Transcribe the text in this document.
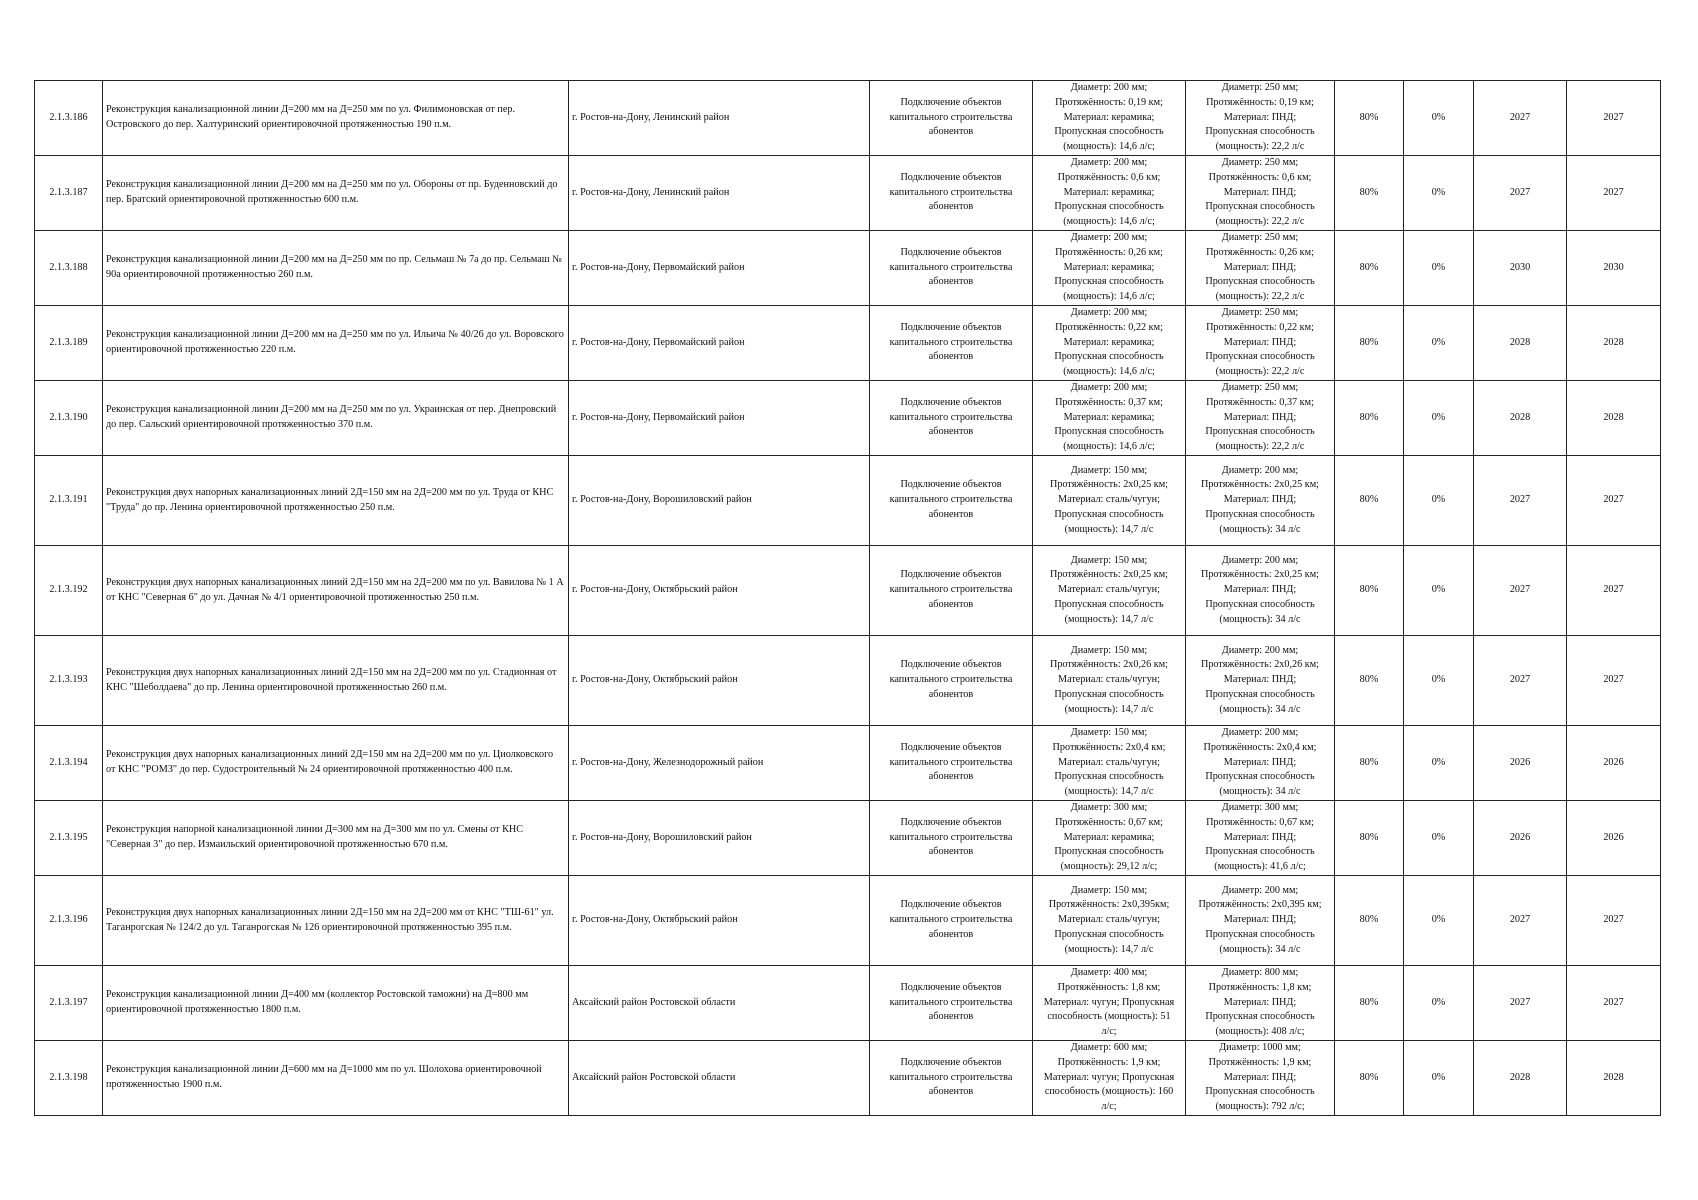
2.1.3.186	Реконструкция канализационной линии Д=200 мм на Д=250 мм по ул. Филимоновская от пер. Островского до пер. Халтуринский ориентировочной протяженностью 190 п.м.	г. Ростов-на-Дону, Ленинский район	Подключение объектов капитального строительства абонентов	Диаметр: 200 мм;
Протяжённость: 0,19 км;
Материал: керамика;
Пропускная способность
(мощность): 14,6 л/с;	Диаметр: 250 мм;
Протяжённость: 0,19 км;
Материал: ПНД;
Пропускная способность
(мощность): 22,2 л/с	80%	0%	2027	2027
2.1.3.187	Реконструкция канализационной линии Д=200 мм на Д=250 мм по ул. Обороны от пр. Буденновский до пер. Братский ориентировочной протяженностью 600 п.м.	г. Ростов-на-Дону, Ленинский район	Подключение объектов капитального строительства абонентов	Диаметр: 200 мм;
Протяжённость: 0,6 км;
Материал: керамика;
Пропускная способность
(мощность): 14,6 л/с;	Диаметр: 250 мм;
Протяжённость: 0,6 км;
Материал: ПНД;
Пропускная способность
(мощность): 22,2 л/с	80%	0%	2027	2027
2.1.3.188	Реконструкция канализационной линии Д=200 мм на Д=250 мм по пр. Сельмаш № 7а до пр. Сельмаш № 90а ориентировочной протяженностью 260 п.м.	г. Ростов-на-Дону, Первомайский район	Подключение объектов капитального строительства абонентов	Диаметр: 200 мм;
Протяжённость: 0,26 км;
Материал: керамика;
Пропускная способность
(мощность): 14,6 л/с;	Диаметр: 250 мм;
Протяжённость: 0,26 км;
Материал: ПНД;
Пропускная способность
(мощность): 22,2 л/с	80%	0%	2030	2030
2.1.3.189	Реконструкция канализационной линии Д=200 мм на Д=250 мм по ул. Ильича № 40/26 до ул. Воровского ориентировочной протяженностью 220 п.м.	г. Ростов-на-Дону, Первомайский район	Подключение объектов капитального строительства абонентов	Диаметр: 200 мм;
Протяжённость: 0,22 км;
Материал: керамика;
Пропускная способность
(мощность): 14,6 л/с;	Диаметр: 250 мм;
Протяжённость: 0,22 км;
Материал: ПНД;
Пропускная способность
(мощность): 22,2 л/с	80%	0%	2028	2028
2.1.3.190	Реконструкция канализационной линии Д=200 мм на Д=250 мм по ул. Украинская от пер. Днепровский до пер. Сальский ориентировочной протяженностью 370 п.м.	г. Ростов-на-Дону, Первомайский район	Подключение объектов капитального строительства абонентов	Диаметр: 200 мм;
Протяжённость: 0,37 км;
Материал: керамика;
Пропускная способность
(мощность): 14,6 л/с;	Диаметр: 250 мм;
Протяжённость: 0,37 км;
Материал: ПНД;
Пропускная способность
(мощность): 22,2 л/с	80%	0%	2028	2028
2.1.3.191	Реконструкция двух напорных канализационных линий 2Д=150 мм на 2Д=200 мм по ул. Труда от КНС "Труда" до пр. Ленина ориентировочной протяженностью 250 п.м.	г. Ростов-на-Дону, Ворошиловский район	Подключение объектов капитального строительства абонентов	Диаметр: 150 мм;
Протяжённость: 2х0,25 км;
Материал: сталь/чугун;
Пропускная способность
(мощность): 14,7 л/с	Диаметр: 200 мм;
Протяжённость: 2х0,25 км;
Материал: ПНД;
Пропускная способность
(мощность): 34 л/с	80%	0%	2027	2027
2.1.3.192	Реконструкция двух напорных канализационных линий 2Д=150 мм на 2Д=200 мм по ул. Вавилова № 1 А от КНС "Северная 6" до ул. Дачная № 4/1 ориентировочной протяженностью 250 п.м.	г. Ростов-на-Дону, Октябрьский район	Подключение объектов капитального строительства абонентов	Диаметр: 150 мм;
Протяжённость: 2х0,25 км;
Материал: сталь/чугун;
Пропускная способность
(мощность): 14,7 л/с	Диаметр: 200 мм;
Протяжённость: 2х0,25 км;
Материал: ПНД;
Пропускная способность
(мощность): 34 л/с	80%	0%	2027	2027
2.1.3.193	Реконструкция двух напорных канализационных линий 2Д=150 мм на 2Д=200 мм по ул. Стадионная от КНС "Шеболдаева" до пр. Ленина ориентировочной протяженностью 260 п.м.	г. Ростов-на-Дону, Октябрьский район	Подключение объектов капитального строительства абонентов	Диаметр: 150 мм;
Протяжённость: 2х0,26 км;
Материал: сталь/чугун;
Пропускная способность
(мощность): 14,7 л/с	Диаметр: 200 мм;
Протяжённость: 2х0,26 км;
Материал: ПНД;
Пропускная способность
(мощность): 34 л/с	80%	0%	2027	2027
2.1.3.194	Реконструкция двух напорных канализационных линий 2Д=150 мм на 2Д=200 мм по ул. Циолковского от КНС "РОМЗ" до пер. Судостроительный № 24 ориентировочной протяженностью 400 п.м.	г. Ростов-на-Дону, Железнодорожный район	Подключение объектов капитального строительства абонентов	Диаметр: 150 мм;
Протяжённость: 2х0,4 км;
Материал: сталь/чугун;
Пропускная способность
(мощность): 14,7 л/с	Диаметр: 200 мм;
Протяжённость: 2х0,4 км;
Материал: ПНД;
Пропускная способность
(мощность): 34 л/с	80%	0%	2026	2026
2.1.3.195	Реконструкция напорной канализационной линии Д=300 мм на Д=300 мм по ул. Смены от КНС "Северная 3" до пер. Измаильский ориентировочной протяженностью 670 п.м.	г. Ростов-на-Дону, Ворошиловский район	Подключение объектов капитального строительства абонентов	Диаметр: 300 мм;
Протяжённость: 0,67 км;
Материал: керамика;
Пропускная способность
(мощность): 29,12 л/с;	Диаметр: 300 мм;
Протяжённость: 0,67 км;
Материал: ПНД;
Пропускная способность
(мощность): 41,6 л/с;	80%	0%	2026	2026
2.1.3.196	Реконструкция двух напорных канализационных линии 2Д=150 мм на 2Д=200 мм от КНС "ТШ-61" ул. Таганрогская № 124/2 до ул. Таганрогская № 126 ориентировочной протяженностью 395 п.м.	г. Ростов-на-Дону, Октябрьский район	Подключение объектов капитального строительства абонентов	Диаметр: 150 мм;
Протяжённость: 2х0,395км;
Материал: сталь/чугун;
Пропускная способность
(мощность): 14,7 л/с	Диаметр: 200 мм;
Протяжённость: 2х0,395 км;
Материал: ПНД;
Пропускная способность
(мощность): 34 л/с	80%	0%	2027	2027
2.1.3.197	Реконструкция канализационной линии Д=400 мм (коллектор Ростовской таможни) на Д=800 мм ориентировочной протяженностью 1800 п.м.	Аксайский район Ростовской области	Подключение объектов капитального строительства абонентов	Диаметр: 400 мм;
Протяжённость: 1,8 км;
Материал: чугун; Пропускная
способность (мощность): 51
л/с;	Диаметр: 800 мм;
Протяжённость: 1,8 км;
Материал: ПНД;
Пропускная способность
(мощность): 408 л/с;	80%	0%	2027	2027
2.1.3.198	Реконструкция канализационной линии Д=600 мм на Д=1000 мм по ул. Шолохова ориентировочной протяженностью 1900 п.м.	Аксайский район Ростовской области	Подключение объектов капитального строительства абонентов	Диаметр: 600 мм;
Протяжённость: 1,9 км;
Материал: чугун; Пропускная
способность (мощность): 160
л/с;	Диаметр: 1000 мм;
Протяжённость: 1,9 км;
Материал: ПНД;
Пропускная способность
(мощность): 792 л/с;	80%	0%	2028	2028
